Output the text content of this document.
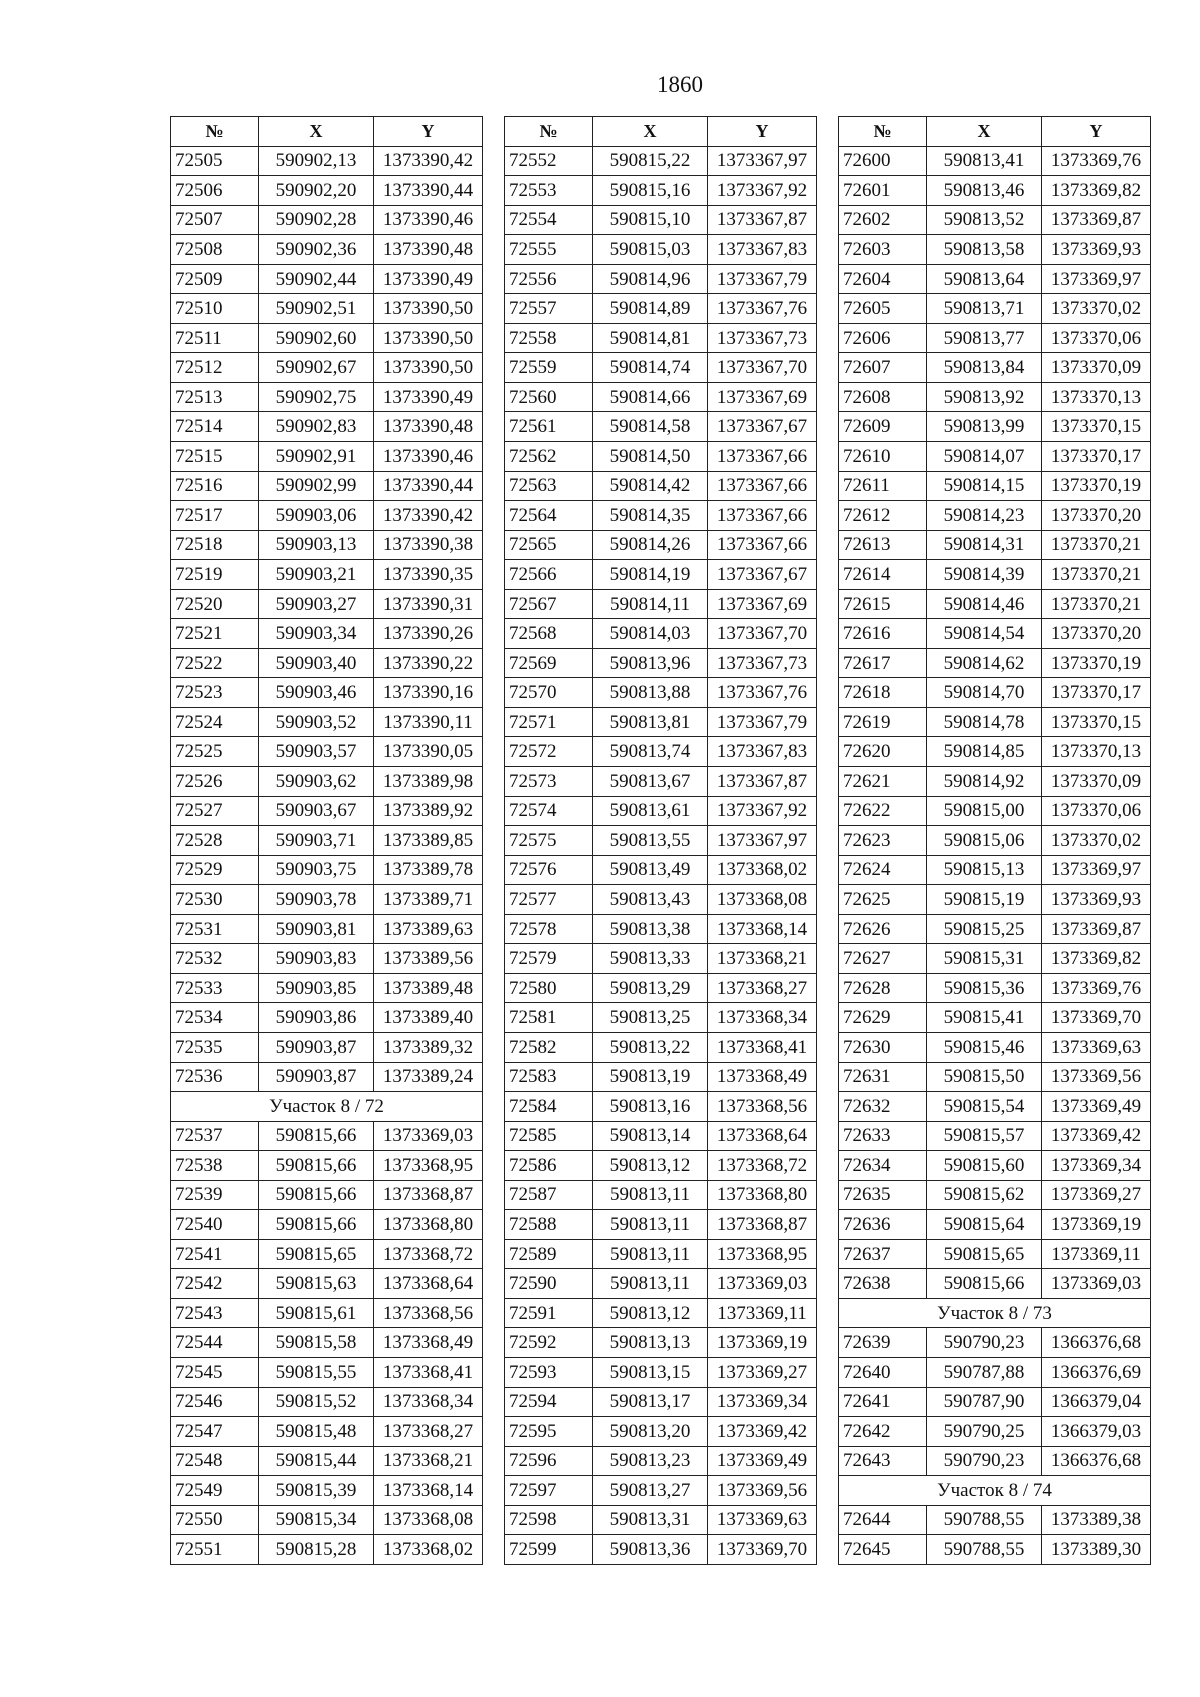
1860
№	X	Y
72505	590902,13	1373390,42
72506	590902,20	1373390,44
72507	590902,28	1373390,46
72508	590902,36	1373390,48
72509	590902,44	1373390,49
72510	590902,51	1373390,50
72511	590902,60	1373390,50
72512	590902,67	1373390,50
72513	590902,75	1373390,49
72514	590902,83	1373390,48
72515	590902,91	1373390,46
72516	590902,99	1373390,44
72517	590903,06	1373390,42
72518	590903,13	1373390,38
72519	590903,21	1373390,35
72520	590903,27	1373390,31
72521	590903,34	1373390,26
72522	590903,40	1373390,22
72523	590903,46	1373390,16
72524	590903,52	1373390,11
72525	590903,57	1373390,05
72526	590903,62	1373389,98
72527	590903,67	1373389,92
72528	590903,71	1373389,85
72529	590903,75	1373389,78
72530	590903,78	1373389,71
72531	590903,81	1373389,63
72532	590903,83	1373389,56
72533	590903,85	1373389,48
72534	590903,86	1373389,40
72535	590903,87	1373389,32
72536	590903,87	1373389,24
Участок 8 / 72		
72537	590815,66	1373369,03
72538	590815,66	1373368,95
72539	590815,66	1373368,87
72540	590815,66	1373368,80
72541	590815,65	1373368,72
72542	590815,63	1373368,64
72543	590815,61	1373368,56
72544	590815,58	1373368,49
72545	590815,55	1373368,41
72546	590815,52	1373368,34
72547	590815,48	1373368,27
72548	590815,44	1373368,21
72549	590815,39	1373368,14
72550	590815,34	1373368,08
72551	590815,28	1373368,02
№	X	Y
72552	590815,22	1373367,97
72553	590815,16	1373367,92
72554	590815,10	1373367,87
72555	590815,03	1373367,83
72556	590814,96	1373367,79
72557	590814,89	1373367,76
72558	590814,81	1373367,73
72559	590814,74	1373367,70
72560	590814,66	1373367,69
72561	590814,58	1373367,67
72562	590814,50	1373367,66
72563	590814,42	1373367,66
72564	590814,35	1373367,66
72565	590814,26	1373367,66
72566	590814,19	1373367,67
72567	590814,11	1373367,69
72568	590814,03	1373367,70
72569	590813,96	1373367,73
72570	590813,88	1373367,76
72571	590813,81	1373367,79
72572	590813,74	1373367,83
72573	590813,67	1373367,87
72574	590813,61	1373367,92
72575	590813,55	1373367,97
72576	590813,49	1373368,02
72577	590813,43	1373368,08
72578	590813,38	1373368,14
72579	590813,33	1373368,21
72580	590813,29	1373368,27
72581	590813,25	1373368,34
72582	590813,22	1373368,41
72583	590813,19	1373368,49
72584	590813,16	1373368,56
72585	590813,14	1373368,64
72586	590813,12	1373368,72
72587	590813,11	1373368,80
72588	590813,11	1373368,87
72589	590813,11	1373368,95
72590	590813,11	1373369,03
72591	590813,12	1373369,11
72592	590813,13	1373369,19
72593	590813,15	1373369,27
72594	590813,17	1373369,34
72595	590813,20	1373369,42
72596	590813,23	1373369,49
72597	590813,27	1373369,56
72598	590813,31	1373369,63
72599	590813,36	1373369,70
№	X	Y
72600	590813,41	1373369,76
72601	590813,46	1373369,82
72602	590813,52	1373369,87
72603	590813,58	1373369,93
72604	590813,64	1373369,97
72605	590813,71	1373370,02
72606	590813,77	1373370,06
72607	590813,84	1373370,09
72608	590813,92	1373370,13
72609	590813,99	1373370,15
72610	590814,07	1373370,17
72611	590814,15	1373370,19
72612	590814,23	1373370,20
72613	590814,31	1373370,21
72614	590814,39	1373370,21
72615	590814,46	1373370,21
72616	590814,54	1373370,20
72617	590814,62	1373370,19
72618	590814,70	1373370,17
72619	590814,78	1373370,15
72620	590814,85	1373370,13
72621	590814,92	1373370,09
72622	590815,00	1373370,06
72623	590815,06	1373370,02
72624	590815,13	1373369,97
72625	590815,19	1373369,93
72626	590815,25	1373369,87
72627	590815,31	1373369,82
72628	590815,36	1373369,76
72629	590815,41	1373369,70
72630	590815,46	1373369,63
72631	590815,50	1373369,56
72632	590815,54	1373369,49
72633	590815,57	1373369,42
72634	590815,60	1373369,34
72635	590815,62	1373369,27
72636	590815,64	1373369,19
72637	590815,65	1373369,11
72638	590815,66	1373369,03
Участок 8 / 73		
72639	590790,23	1366376,68
72640	590787,88	1366376,69
72641	590787,90	1366379,04
72642	590790,25	1366379,03
72643	590790,23	1366376,68
Участок 8 / 74		
72644	590788,55	1373389,38
72645	590788,55	1373389,30
